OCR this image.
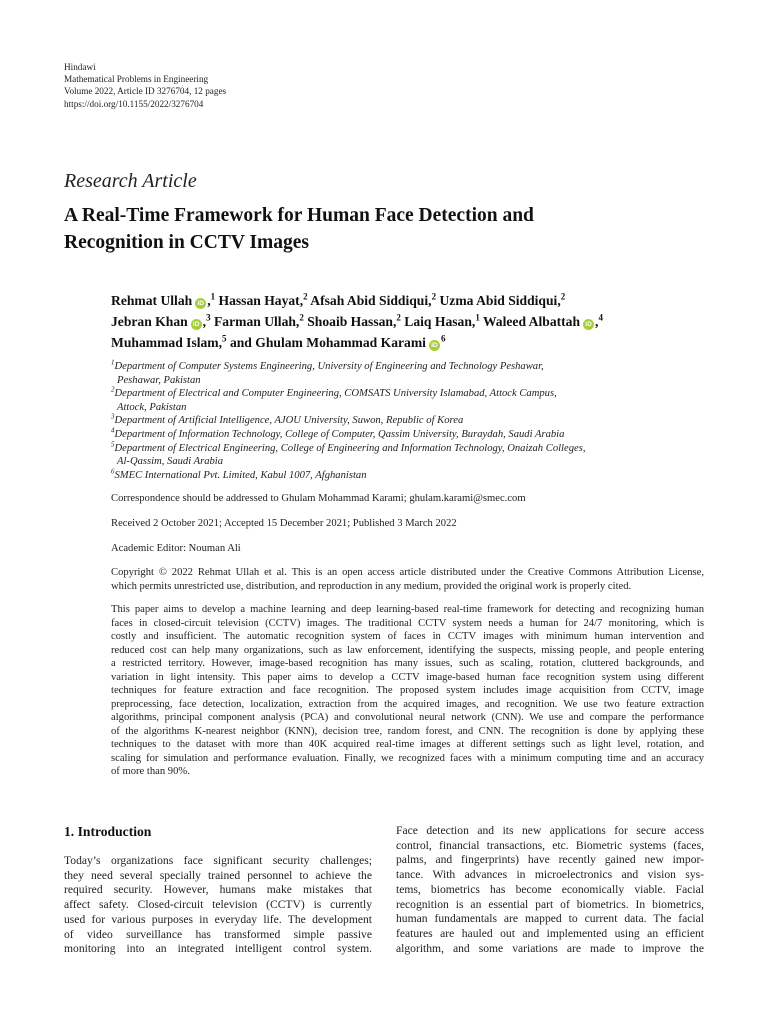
Hindawi
Mathematical Problems in Engineering
Volume 2022, Article ID 3276704, 12 pages
https://doi.org/10.1155/2022/3276704
Research Article
A Real-Time Framework for Human Face Detection and
Recognition in CCTV Images
Rehmat Ullah iD ,$^1$ Hassan Hayat,$^2$ Afsah Abid Siddiqui,$^2$ Uzma Abid Siddiqui,$^2$
Jebran Khan iD ,$^3$ Farman Ullah,$^2$ Shoaib Hassan,$^2$ Laiq Hasan,$^1$ Waleed Albattah iD ,$^4$
Muhammad Islam,$^5$ and Ghulam Mohammad Karami $iD^6$
$^1$Department of Computer Systems Engineering, University of Engineering and Technology Peshawar,
Peshawar, Pakistan
$^2$Department of Electrical and Computer Engineering, COMSATS University Islamabad, Attock Campus,
Attock, Pakistan
$^3$Department of Artificial Intelligence, AJOU University, Suwon, Republic of Korea
$^4$Department of Information Technology, College of Computer, Qassim University, Buraydah, Saudi Arabia
$^5$Department of Electrical Engineering, College of Engineering and Information Technology, Onaizah Colleges,
Al-Qassim, Saudi Arabia
$^6$SMEC International Pvt. Limited, Kabul 1007, Afghanistan
Correspondence should be addressed to Ghulam Mohammad Karami; ghulam.karami@smec.com
Received 2 October 2021; Accepted 15 December 2021; Published 3 March 2022
Academic Editor: Nouman Ali
Copyright © 2022 Rehmat Ullah et al. This is an open access article distributed under the Creative Commons Attribution License,
which permits unrestricted use, distribution, and reproduction in any medium, provided the original work is properly cited.
This paper aims to develop a machine learning and deep learning-based real-time framework for detecting and recognizing human
faces in closed-circuit television (CCTV) images. The traditional CCTV system needs a human for 24/7 monitoring, which is
costly and insufficient. The automatic recognition system of faces in CCTV images with minimum human intervention and
reduced cost can help many organizations, such as law enforcement, identifying the suspects, missing people, and people entering
a restricted territory. However, image-based recognition has many issues, such as scaling, rotation, cluttered backgrounds, and
variation in light intensity. This paper aims to develop a CCTV image-based human face recognition system using different
techniques for feature extraction and face recognition. The proposed system includes image acquisition from CCTV, image
preprocessing, face detection, localization, extraction from the acquired images, and recognition. We use two feature extraction
algorithms, principal component analysis (PCA) and convolutional neural network (CNN). We use and compare the performance
of the algorithms K-nearest neighbor (KNN), decision tree, random forest, and CNN. The recognition is done by applying these
techniques to the dataset with more than 40K acquired real-time images at different settings such as light level, rotation, and
scaling for simulation and performance evaluation. Finally, we recognized faces with a minimum computing time and an accuracy
of more than 90%.
1. Introduction
Today’s organizations face significant security challenges;
they need several specially trained personnel to achieve the
required security. However, humans make mistakes that
affect safety. Closed-circuit television (CCTV) is currently
used for various purposes in everyday life. The development
of video surveillance has transformed simple passive
monitoring into an integrated intelligent control system.
Face detection and its new applications for secure access
control, financial transactions, etc. Biometric systems (faces,
palms, and fingerprints) have recently gained new impor-
tance. With advances in microelectronics and vision sys-
tems, biometrics has become economically viable. Facial
recognition is an essential part of biometrics. In biometrics,
human fundamentals are mapped to current data. The facial
features are hauled out and implemented using an efficient
algorithm, and some variations are made to improve the
